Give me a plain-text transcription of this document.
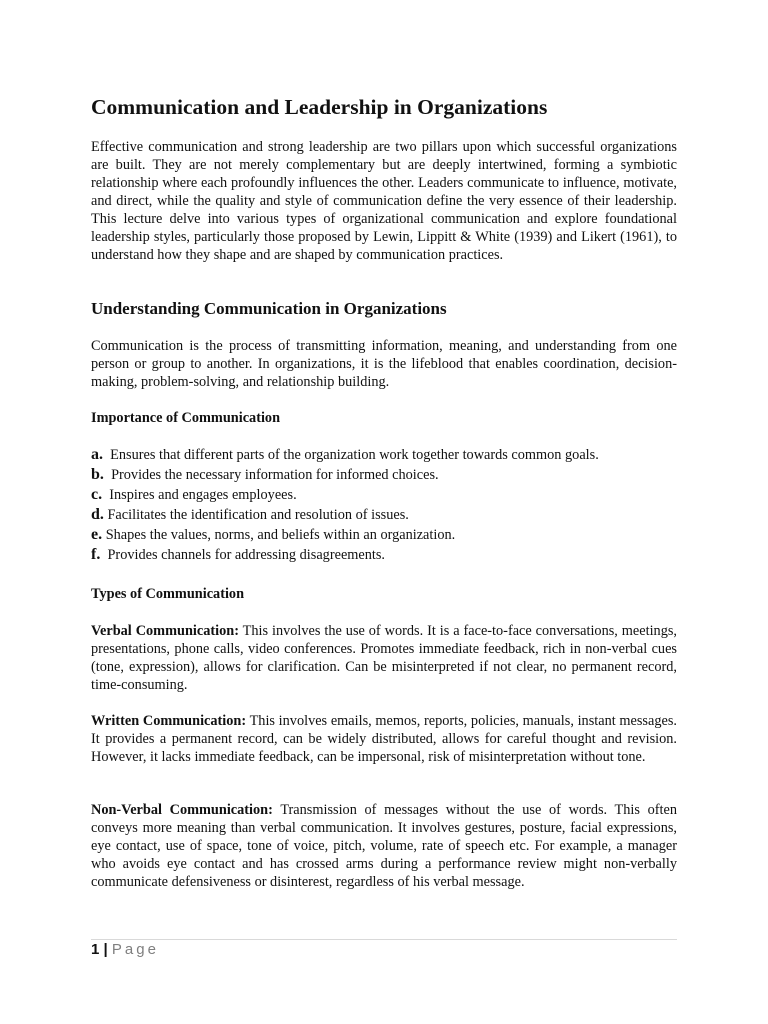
Communication and Leadership in Organizations

Effective communication and strong leadership are two pillars upon which successful organizations are built. They are not merely complementary but are deeply intertwined, forming a symbiotic relationship where each profoundly influences the other. Leaders communicate to influence, motivate, and direct, while the quality and style of communication define the very essence of their leadership. This lecture delve into various types of organizational communication and explore foundational leadership styles, particularly those proposed by Lewin, Lippitt & White (1939) and Likert (1961), to understand how they shape and are shaped by communication practices.

Understanding Communication in Organizations

Communication is the process of transmitting information, meaning, and understanding from one person or group to another. In organizations, it is the lifeblood that enables coordination, decision-making, problem-solving, and relationship building.

Importance of Communication
a. Ensures that different parts of the organization work together towards common goals.
b. Provides the necessary information for informed choices.
c. Inspires and engages employees.
d. Facilitates the identification and resolution of issues.
e. Shapes the values, norms, and beliefs within an organization.
f. Provides channels for addressing disagreements.
Types of Communication

Verbal Communication: This involves the use of words. It is a face-to-face conversations, meetings, presentations, phone calls, video conferences. Promotes immediate feedback, rich in non-verbal cues (tone, expression), allows for clarification. Can be misinterpreted if not clear, no permanent record, time-consuming.

Written Communication: This involves emails, memos, reports, policies, manuals, instant messages. It provides a permanent record, can be widely distributed, allows for careful thought and revision. However, it lacks immediate feedback, can be impersonal, risk of misinterpretation without tone.

Non-Verbal Communication: Transmission of messages without the use of words. This often conveys more meaning than verbal communication. It involves gestures, posture, facial expressions, eye contact, use of space, tone of voice, pitch, volume, rate of speech etc. For example, a manager who avoids eye contact and has crossed arms during a performance review might non-verbally communicate defensiveness or disinterest, regardless of his verbal message.

1 | Page
